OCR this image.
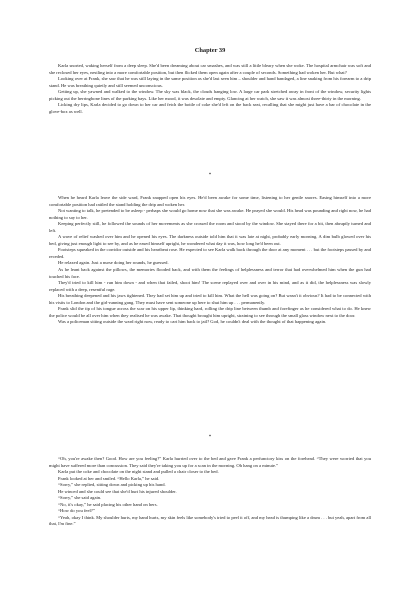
Chapter 39

Karla snorted, waking herself from a deep sleep. She'd been dreaming about car smashes, and was still a little bleary when she woke. The hospital armchair was soft and she reclosed her eyes, nestling into a more comfortable position, but then flicked them open again after a couple of seconds. Something had woken her. But what?

Looking over at Frank, she saw that he was still laying in the same position as she'd last seen him – shoulder and hand bandaged, a line snaking from his forearm to a drip stand. He was breathing quietly and still seemed unconscious.

Getting up, she yawned and walked to the window. The sky was black, the clouds hanging low. A large car park stretched away in front of the window, security lights picking out the herringbone lines of the parking bays. Like her mood, it was desolate and empty. Glancing at her watch, she saw it was almost three-thirty in the morning.

Licking dry lips, Karla decided to go down to her car and fetch the bottle of coke she'd left on the back seat, recalling that she might just have a bar of chocolate in the glove-box as well.

*

When he heard Karla leave the side ward, Frank snapped open his eyes. He'd been awake for some time, listening to her gentle snores. Easing himself into a more comfortable position had rattled the stand holding the drip and woken her.

Not wanting to talk, he pretended to be asleep - perhaps she would go home now that she was awake. He prayed she would. His head was pounding and right now, he had nothing to say to her.

Keeping perfectly still, he followed the sounds of her movements as she crossed the room and stood by the window. She stayed there for a bit, then abruptly turned and left.

A wave of relief washed over him and he opened his eyes. The darkness outside told him that it was late at night, probably early morning. A dim bulb glowed over his bed, giving just enough light to see by, and as he eased himself upright, he wondered what day it was, how long he'd been out.

Footsteps squeaked in the corridor outside and his heartbeat rose. He expected to see Karla walk back through the door at any moment . . . but the footsteps passed by and receded.

He relaxed again. Just a nurse doing her rounds, he guessed.

As he leant back against the pillows, the memories flooded back, and with them the feelings of helplessness and terror that had overwhelmed him when the gun had touched his face.

They'd tried to kill him - run him down - and when that failed, shoot him! The scene replayed over and over in his mind, and as it did, the helplessness was slowly replaced with a deep, resentful rage.

His breathing deepened and his jaws tightened. They had set him up and tried to kill him. What the hell was going on? But wasn't it obvious? It had to be connected with his visits to London and the girl-running gang. They must have sent someone up here to shut him up . . . permanently.

Frank slid the tip of his tongue across the scar on his upper lip, thinking hard, rolling the drip line between thumb and forefinger as he considered what to do. He knew the police would be all over him when they realised he was awake. That thought brought him upright, straining to see through the small glass window next to the door.

Was a policeman sitting outside the ward right now, ready to cart him back to jail? God, he couldn't deal with the thought of that happening again.

*

“Oh, you're awake then? Good. How are you feeling?” Karla hurried over to the bed and gave Frank a perfunctory kiss on the forehead. “They were worried that you might have suffered more than concussion. They said they're taking you up for a scan in the morning. Oh hang on a minute.”

Karla put the coke and chocolate on the night stand and pulled a chair closer to the bed.

Frank looked at her and smiled. “Hello Karla,” he said.

“Sorry,” she replied, sitting down and picking up his hand.

He winced and she could see that she'd hurt his injured shoulder.

“Sorry,” she said again.

“No, it's okay,” he said placing his other hand on hers.

“How do you feel?”

“Yeah, okay I think. My shoulder hurts, my hand hurts, my skin feels like somebody's tried to peel it off, and my head is thumping like a drum . . . but yeah, apart from all that, I'm fine.”
